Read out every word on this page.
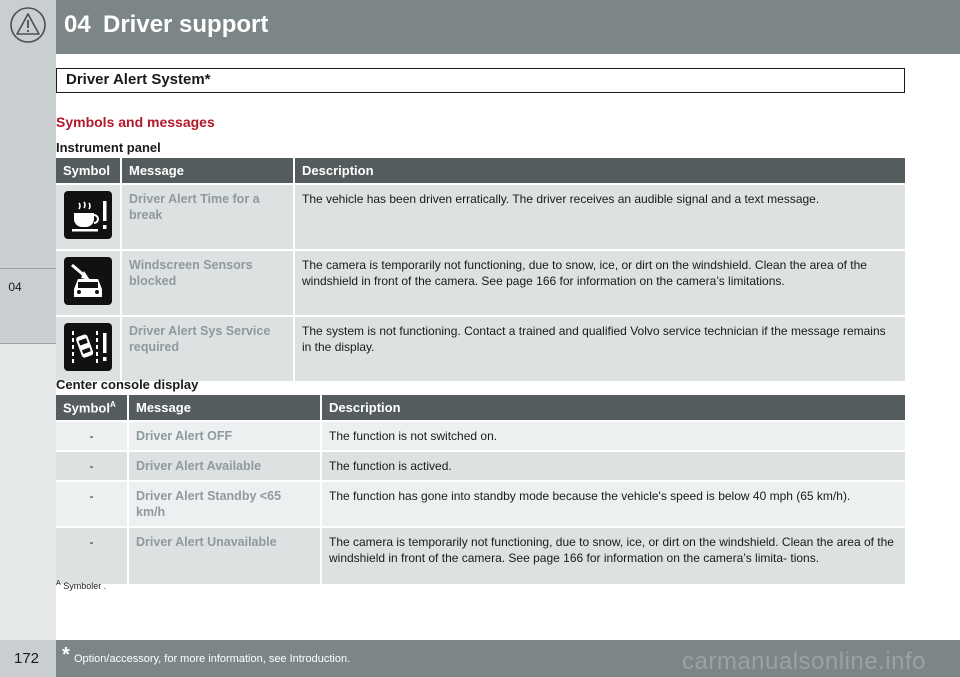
04 Driver support
04
Driver Alert System*
Symbols and messages
Instrument panel
Symbol	Message	Description

	Driver Alert Time for a break	The vehicle has been driven erratically. The driver receives an audible signal and a text message.

	Windscreen Sensors blocked	The camera is temporarily not functioning, due to snow, ice, or dirt on the windshield. Clean the area of the windshield in front of the camera. See page 166 for information on the camera’s limitations.

	Driver Alert Sys Service required	The system is not functioning. Contact a trained and qualified Volvo service technician if the message remains in the display.
Center console display
Symbol$^A$	Message	Description
-	Driver Alert OFF	The function is not switched on.
-	Driver Alert Available	The function is actived.
-	Driver Alert Standby <65 km/h	The function has gone into standby mode because the vehicle's speed is below 40 mph (65 km/h).
-	Driver Alert Unavailable	The camera is temporarily not functioning, due to snow, ice, or dirt on the windshield. Clean the area of the windshield in front of the camera. See page 166 for information on the camera’s limita- tions.
$^A$ Symboler .
172 * Option/accessory, for more information, see Introduction.	carmanualsonline.info
